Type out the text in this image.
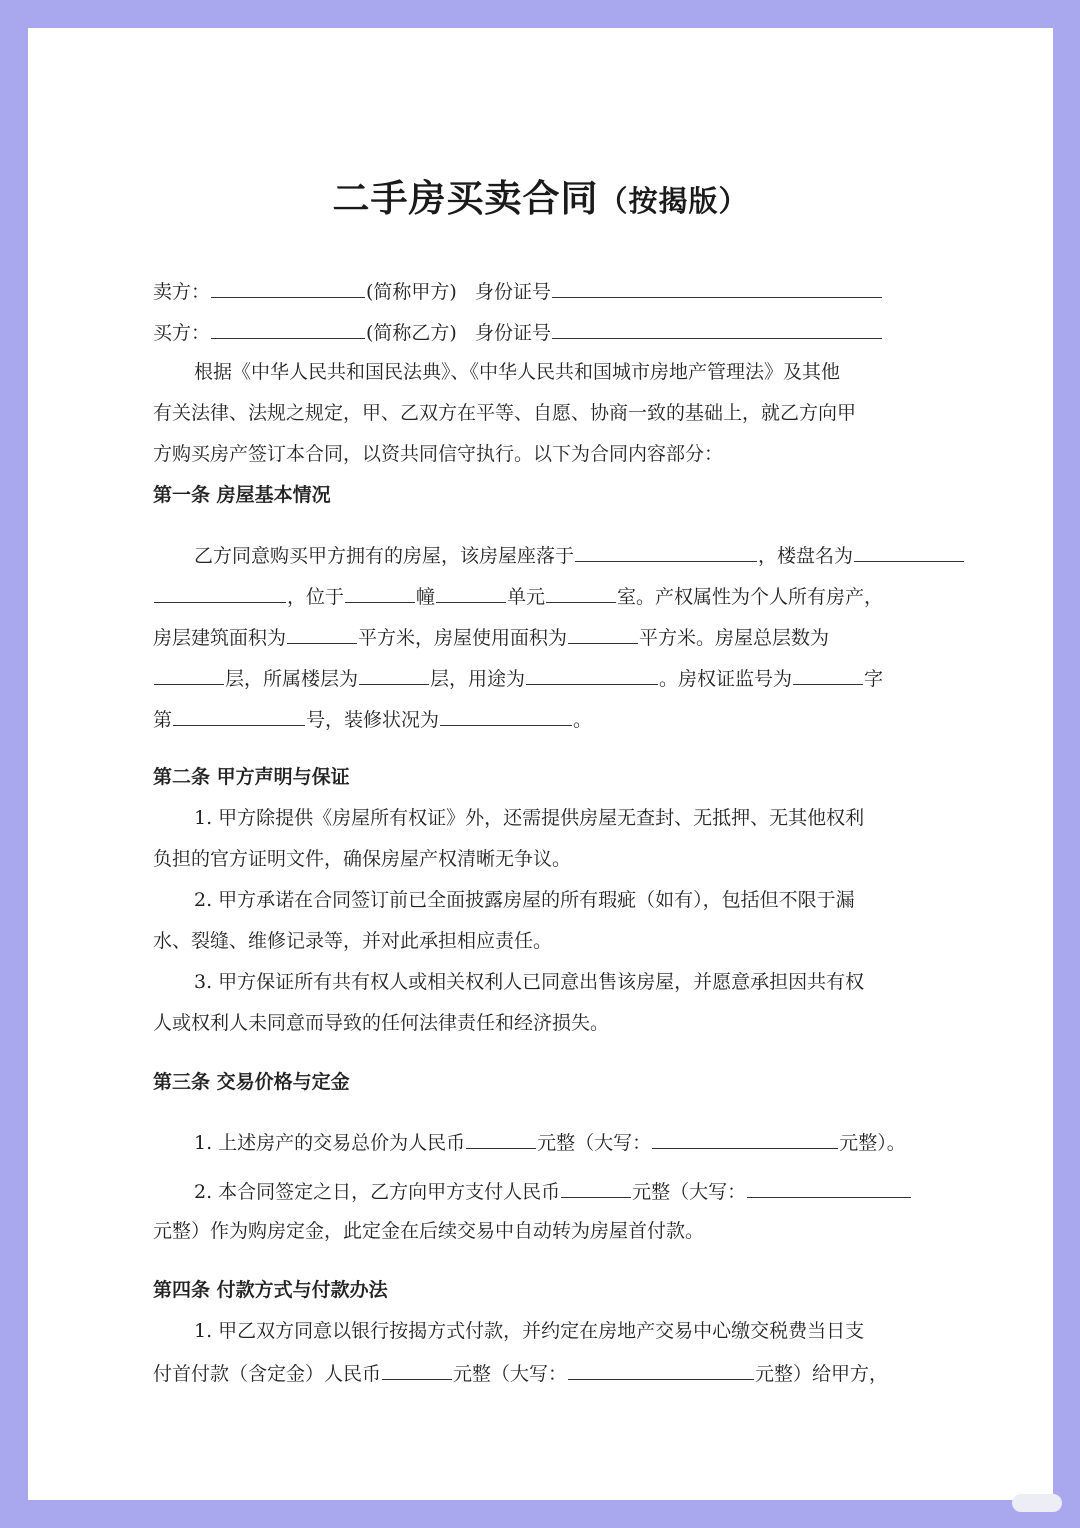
二手房买卖合同（按揭版）
卖方：	(简称甲方) 身份证号
买方：	(简称乙方) 身份证号
根据《中华人民共和国民法典》、《中华人民共和国城市房地产管理法》及其他
有关法律、法规之规定，甲、乙双方在平等、自愿、协商一致的基础上，就乙方向甲
方购买房产签订本合同，以资共同信守执行。以下为合同内容部分：
第一条 房屋基本情况
乙方同意购买甲方拥有的房屋，该房屋座落于	，楼盘名为
，位于	幢	单元	室。产权属性为个人所有房产，
房层建筑面积为	平方米，房屋使用面积为	平方米。房屋总层数为
层，所属楼层为	层，用途为	。房权证监号为	字
第	号，装修状况为	。
第二条 甲方声明与保证
1. 甲方除提供《房屋所有权证》外，还需提供房屋无查封、无抵押、无其他权利
负担的官方证明文件，确保房屋产权清晰无争议。
2. 甲方承诺在合同签订前已全面披露房屋的所有瑕疵（如有），包括但不限于漏
水、裂缝、维修记录等，并对此承担相应责任。
3. 甲方保证所有共有权人或相关权利人已同意出售该房屋，并愿意承担因共有权
人或权利人未同意而导致的任何法律责任和经济损失。
第三条 交易价格与定金
1. 上述房产的交易总价为人民币	元整（大写：	元整）。
2. 本合同签定之日，乙方向甲方支付人民币	元整（大写：
元整）作为购房定金，此定金在后续交易中自动转为房屋首付款。
第四条 付款方式与付款办法
1. 甲乙双方同意以银行按揭方式付款，并约定在房地产交易中心缴交税费当日支
付首付款（含定金）人民币	元整（大写：	元整）给甲方，
